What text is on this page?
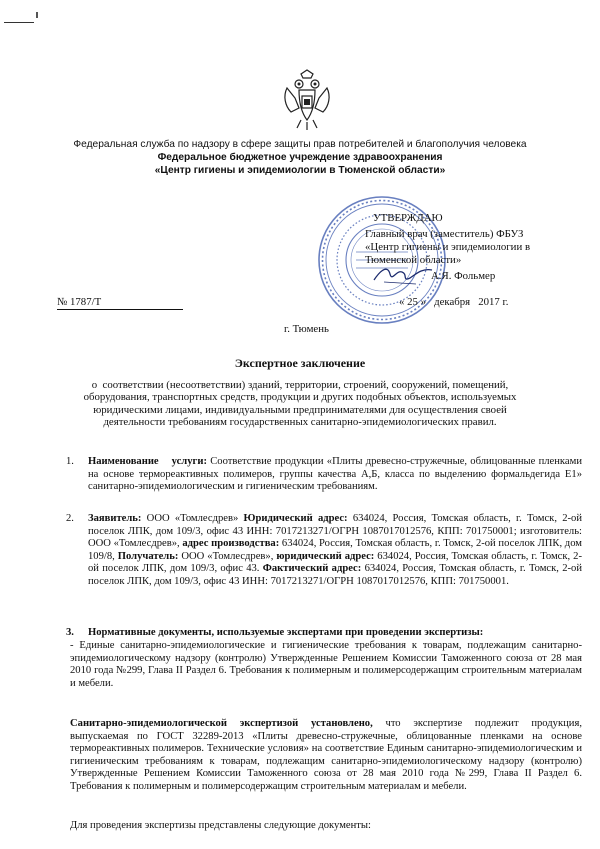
Федеральная служба по надзору в сфере защиты прав потребителей и благополучия человека
Федеральное бюджетное учреждение здравоохранения
«Центр гигиены и эпидемиологии в Тюменской области»
УТВЕРЖДАЮ
Главный врач (заместитель) ФБУЗ
«Центр гигиены и эпидемиологии в
Тюменской области»
А.Я. Фольмер
№ 1787/Т	« 25 »   декабря   2017 г.
г. Тюмень
Экспертное заключение
о  соответствии (несоответствии) зданий, территории, строений, сооружений, помещений,
оборудования, транспортных средств, продукции и других подобных объектов, используемых
юридическими лицами, индивидуальными предпринимателями для осуществления своей
деятельности требованиям государственных санитарно-эпидемиологических правил.
1. Наименование    услуги: Соответствие продукции «Плиты древесно-стружечные, облицованные пленками на основе термореактивных полимеров, группы качества А,Б, класса по выделению формальдегида Е1» санитарно-эпидемиологическим и гигиеническим требованиям.
2. Заявитель: ООО «Томлесдрев» Юридический адрес: 634024, Россия, Томская область, г. Томск, 2-ой поселок ЛПК, дом 109/3, офис 43 ИНН: 7017213271/ОГРН 1087017012576, КПП: 701750001; изготовитель: ООО «Томлесдрев», адрес производства: 634024, Россия, Томская область, г. Томск, 2-ой поселок ЛПК, дом 109/8, Получатель: ООО «Томлесдрев», юридический адрес: 634024, Россия, Томская область, г. Томск, 2-ой поселок ЛПК, дом 109/3, офис 43. Фактический адрес: 634024, Россия, Томская область, г. Томск, 2-ой поселок ЛПК, дом 109/3, офис 43 ИНН: 7017213271/ОГРН 1087017012576, КПП: 701750001.
3. Нормативные документы, используемые экспертами при проведении экспертизы:
- Единые санитарно-эпидемиологические и гигиенические требования к товарам, подлежащим санитарно-эпидемиологическому надзору (контролю) Утвержденные Решением Комиссии Таможенного союза от 28 мая 2010 года №299, Глава II Раздел 6. Требования к полимерным и полимерсодержащим строительным материалам и мебели.
Санитарно-эпидемиологической экспертизой установлено, что экспертизе подлежит продукция, выпускаемая по ГОСТ 32289-2013 «Плиты древесно-стружечные, облицованные пленками на основе термореактивных полимеров. Технические условия» на соответствие Единым санитарно-эпидемиологическим и гигиеническим требованиям к товарам, подлежащим санитарно-эпидемиологическому надзору (контролю) Утвержденные Решением Комиссии Таможенного союза от 28 мая 2010 года №299, Глава II Раздел 6. Требования к полимерным и полимерсодержащим строительным материалам и мебели.
Для проведения экспертизы представлены следующие документы:
